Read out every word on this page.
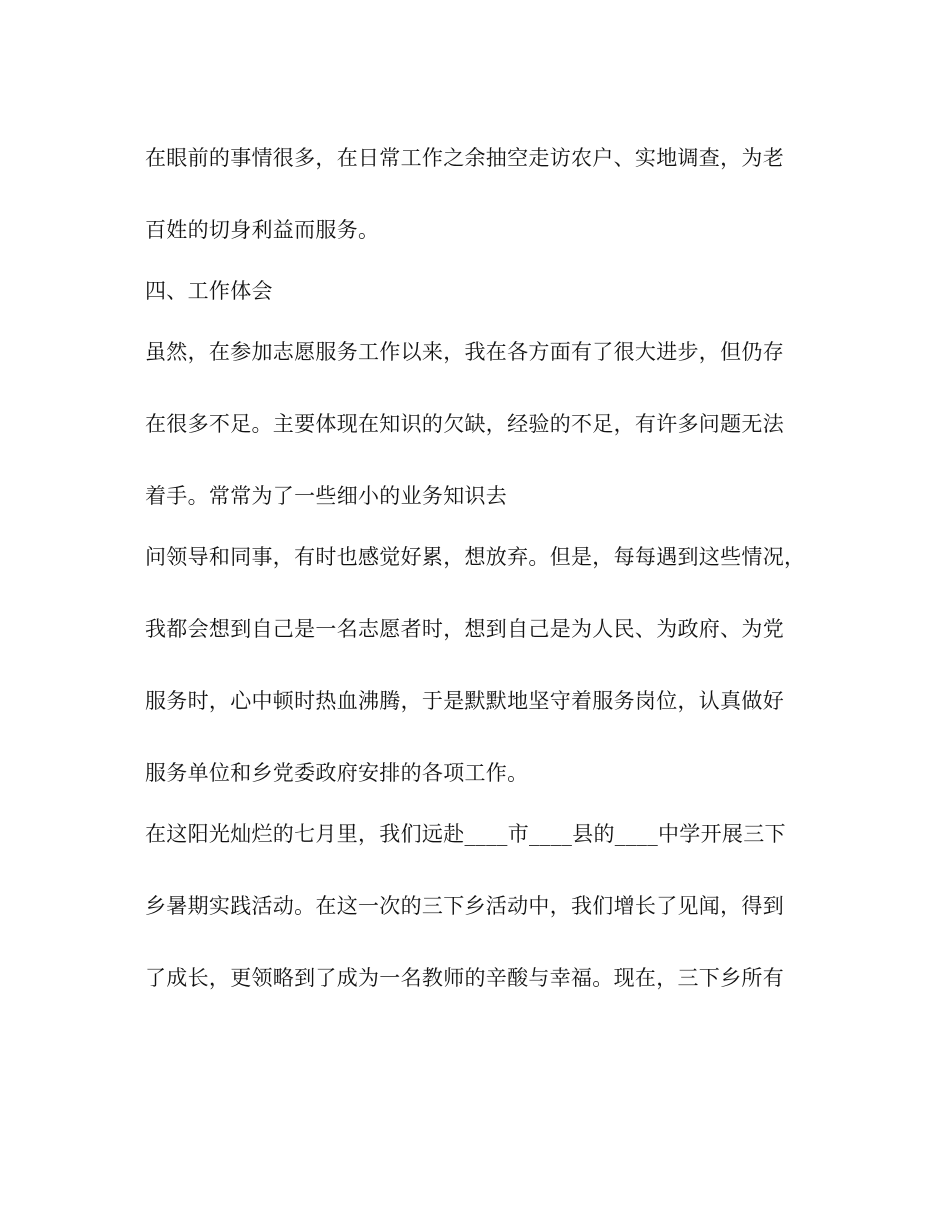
在眼前的事情很多，在日常工作之余抽空走访农户、实地调查，为老
百姓的切身利益而服务。
四、工作体会
虽然，在参加志愿服务工作以来，我在各方面有了很大进步，但仍存
在很多不足。主要体现在知识的欠缺，经验的不足，有许多问题无法
着手。常常为了一些细小的业务知识去
问领导和同事，有时也感觉好累，想放弃。但是，每每遇到这些情况，
我都会想到自己是一名志愿者时，想到自己是为人民、为政府、为党
服务时，心中顿时热血沸腾，于是默默地坚守着服务岗位，认真做好
服务单位和乡党委政府安排的各项工作。
在这阳光灿烂的七月里，我们远赴____市____县的____中学开展三下
乡暑期实践活动。在这一次的三下乡活动中，我们增长了见闻，得到
了成长，更领略到了成为一名教师的辛酸与幸福。现在，三下乡所有
